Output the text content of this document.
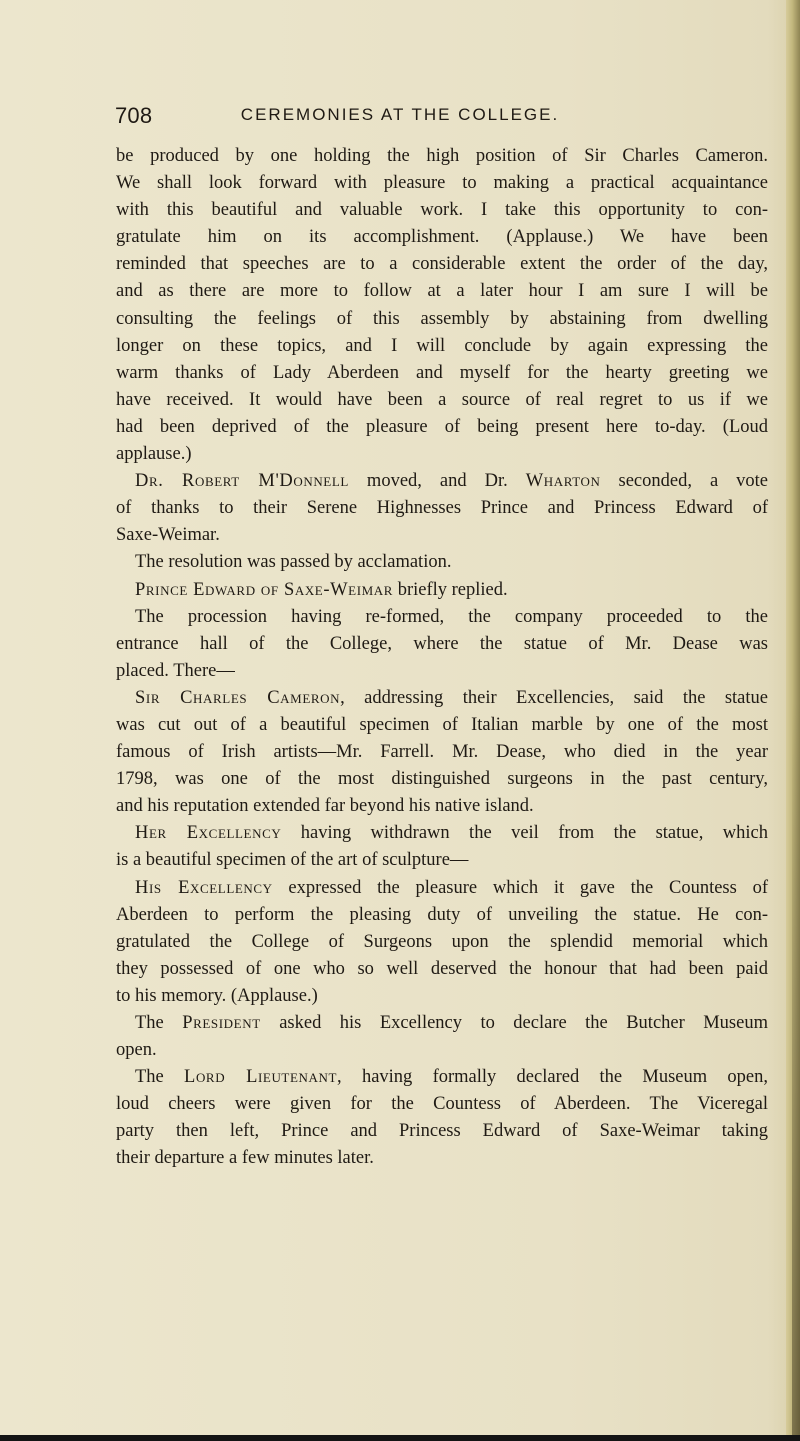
708	CEREMONIES AT THE COLLEGE.
be produced by one holding the high position of Sir Charles Cameron.
We shall look forward with pleasure to making a practical acquaintance
with this beautiful and valuable work. I take this opportunity to con-
gratulate him on its accomplishment. (Applause.) We have been
reminded that speeches are to a considerable extent the order of the day,
and as there are more to follow at a later hour I am sure I will be
consulting the feelings of this assembly by abstaining from dwelling
longer on these topics, and I will conclude by again expressing the
warm thanks of Lady Aberdeen and myself for the hearty greeting we
have received. It would have been a source of real regret to us if we
had been deprived of the pleasure of being present here to-day. (Loud
applause.)
Dr. Robert M'Donnell moved, and Dr. Wharton seconded, a vote
of thanks to their Serene Highnesses Prince and Princess Edward of
Saxe-Weimar.
The resolution was passed by acclamation.
Prince Edward of Saxe-Weimar briefly replied.
The procession having re-formed, the company proceeded to the
entrance hall of the College, where the statue of Mr. Dease was
placed. There—
Sir Charles Cameron, addressing their Excellencies, said the statue
was cut out of a beautiful specimen of Italian marble by one of the most
famous of Irish artists—Mr. Farrell. Mr. Dease, who died in the year
1798, was one of the most distinguished surgeons in the past century,
and his reputation extended far beyond his native island.
Her Excellency having withdrawn the veil from the statue, which
is a beautiful specimen of the art of sculpture—
His Excellency expressed the pleasure which it gave the Countess of
Aberdeen to perform the pleasing duty of unveiling the statue. He con-
gratulated the College of Surgeons upon the splendid memorial which
they possessed of one who so well deserved the honour that had been paid
to his memory. (Applause.)
The President asked his Excellency to declare the Butcher Museum
open.
The Lord Lieutenant, having formally declared the Museum open,
loud cheers were given for the Countess of Aberdeen. The Viceregal
party then left, Prince and Princess Edward of Saxe-Weimar taking
their departure a few minutes later.
